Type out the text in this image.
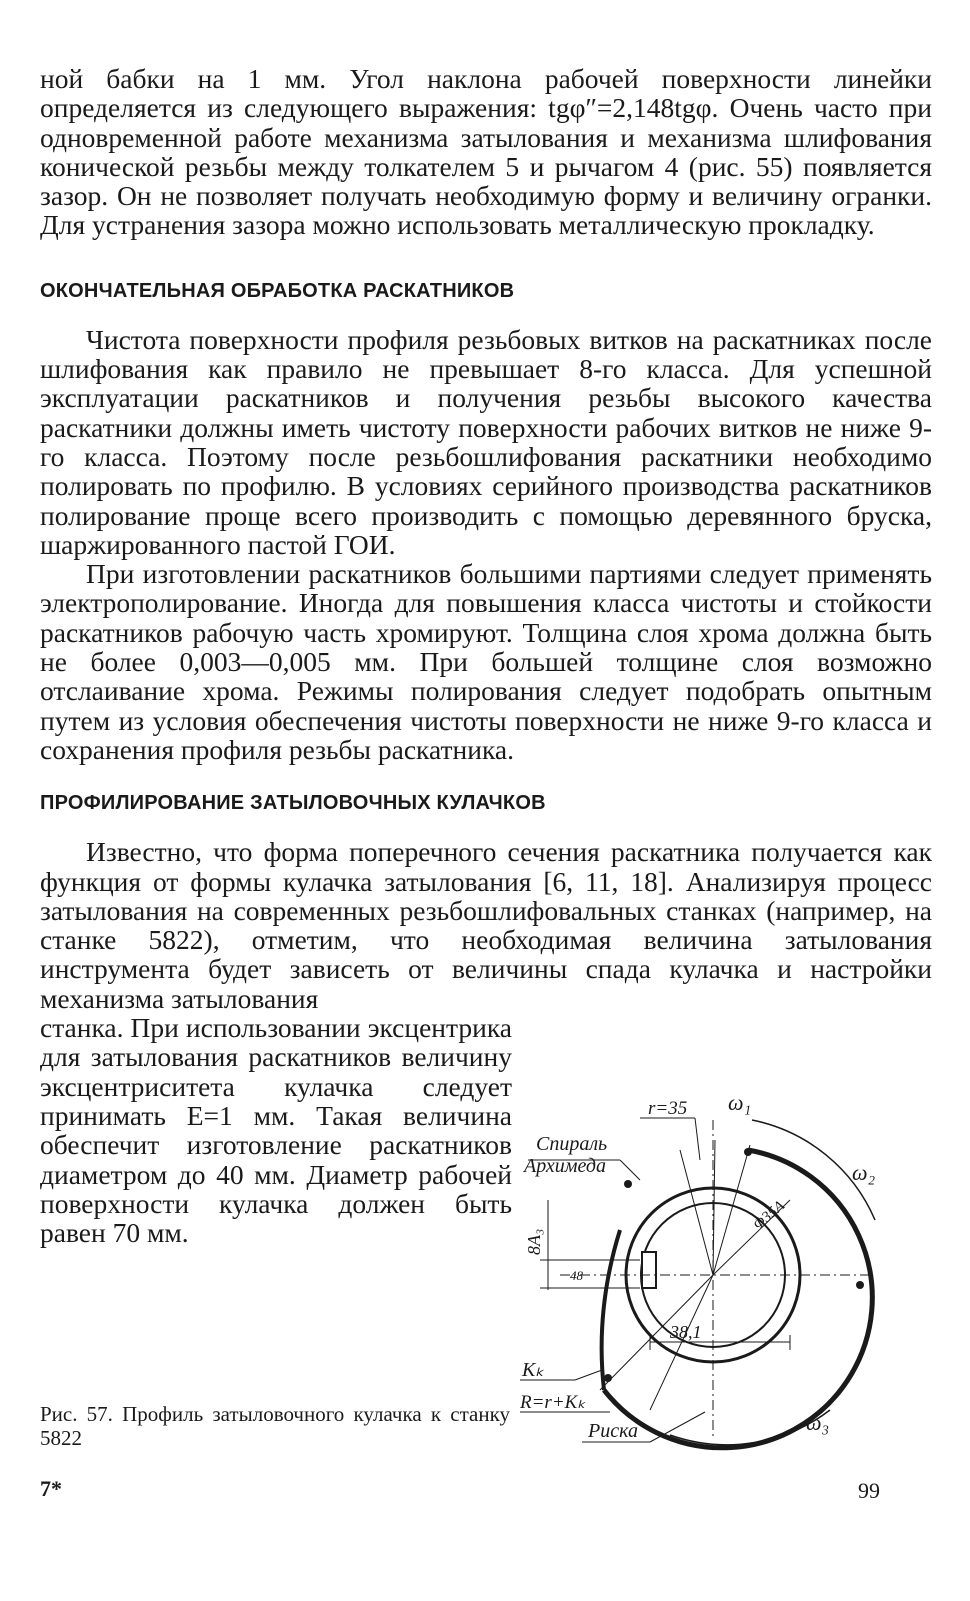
ной бабки на 1 мм. Угол наклона рабочей поверхности линейки определяется из следующего выражения: tgφ″=2,148tgφ. Очень часто при одновременной работе механизма затылования и механизма шлифования конической резьбы между толкателем 5 и рычагом 4 (рис. 55) появляется зазор. Он не позволяет получать необходимую форму и величину огранки. Для устранения зазора можно использовать металлическую прокладку.

ОКОНЧАТЕЛЬНАЯ ОБРАБОТКА РАСКАТНИКОВ

Чистота поверхности профиля резьбовых витков на раскатниках после шлифования как правило не превышает 8-го класса. Для успешной эксплуатации раскатников и получения резьбы высокого качества раскатники должны иметь чистоту поверхности рабочих витков не ниже 9-го класса. Поэтому после резьбошлифования раскатники необходимо полировать по профилю. В условиях серийного производства раскатников полирование проще всего производить с помощью деревянного бруска, шаржированного пастой ГОИ.

При изготовлении раскатников большими партиями следует применять электрополирование. Иногда для повышения класса чистоты и стойкости раскатников рабочую часть хромируют. Толщина слоя хрома должна быть не более 0,003—0,005 мм. При большей толщине слоя возможно отслаивание хрома. Режимы полирования следует подобрать опытным путем из условия обеспечения чистоты поверхности не ниже 9-го класса и сохранения профиля резьбы раскатника.

ПРОФИЛИРОВАНИЕ ЗАТЫЛОВОЧНЫХ КУЛАЧКОВ

Известно, что форма поперечного сечения раскатника получается как функция от формы кулачка затылования [6, 11, 18]. Анализируя процесс затылования на современных резьбошлифовальных станках (например, на станке 5822), отметим, что необходимая величина затылования инструмента будет зависеть от величины спада кулачка и настройки механизма затылования

станка. При использовании эксцентрика для затылования раскатников величину эксцентриситета кулачка следует принимать E=1 мм. Такая величина обеспечит изготовление раскатников диаметром до 40 мм. Диаметр рабочей поверхности кулачка должен быть равен 70 мм.

Спираль
Архимеда
r=35 ω₁
ω₂
ω₃
Φ35А
8А₃
48
Kₖ
38,1
R=r+Kₖ
Риска
Рис. 57. Профиль затыловочного кулачка к станку 5822
7*	99
